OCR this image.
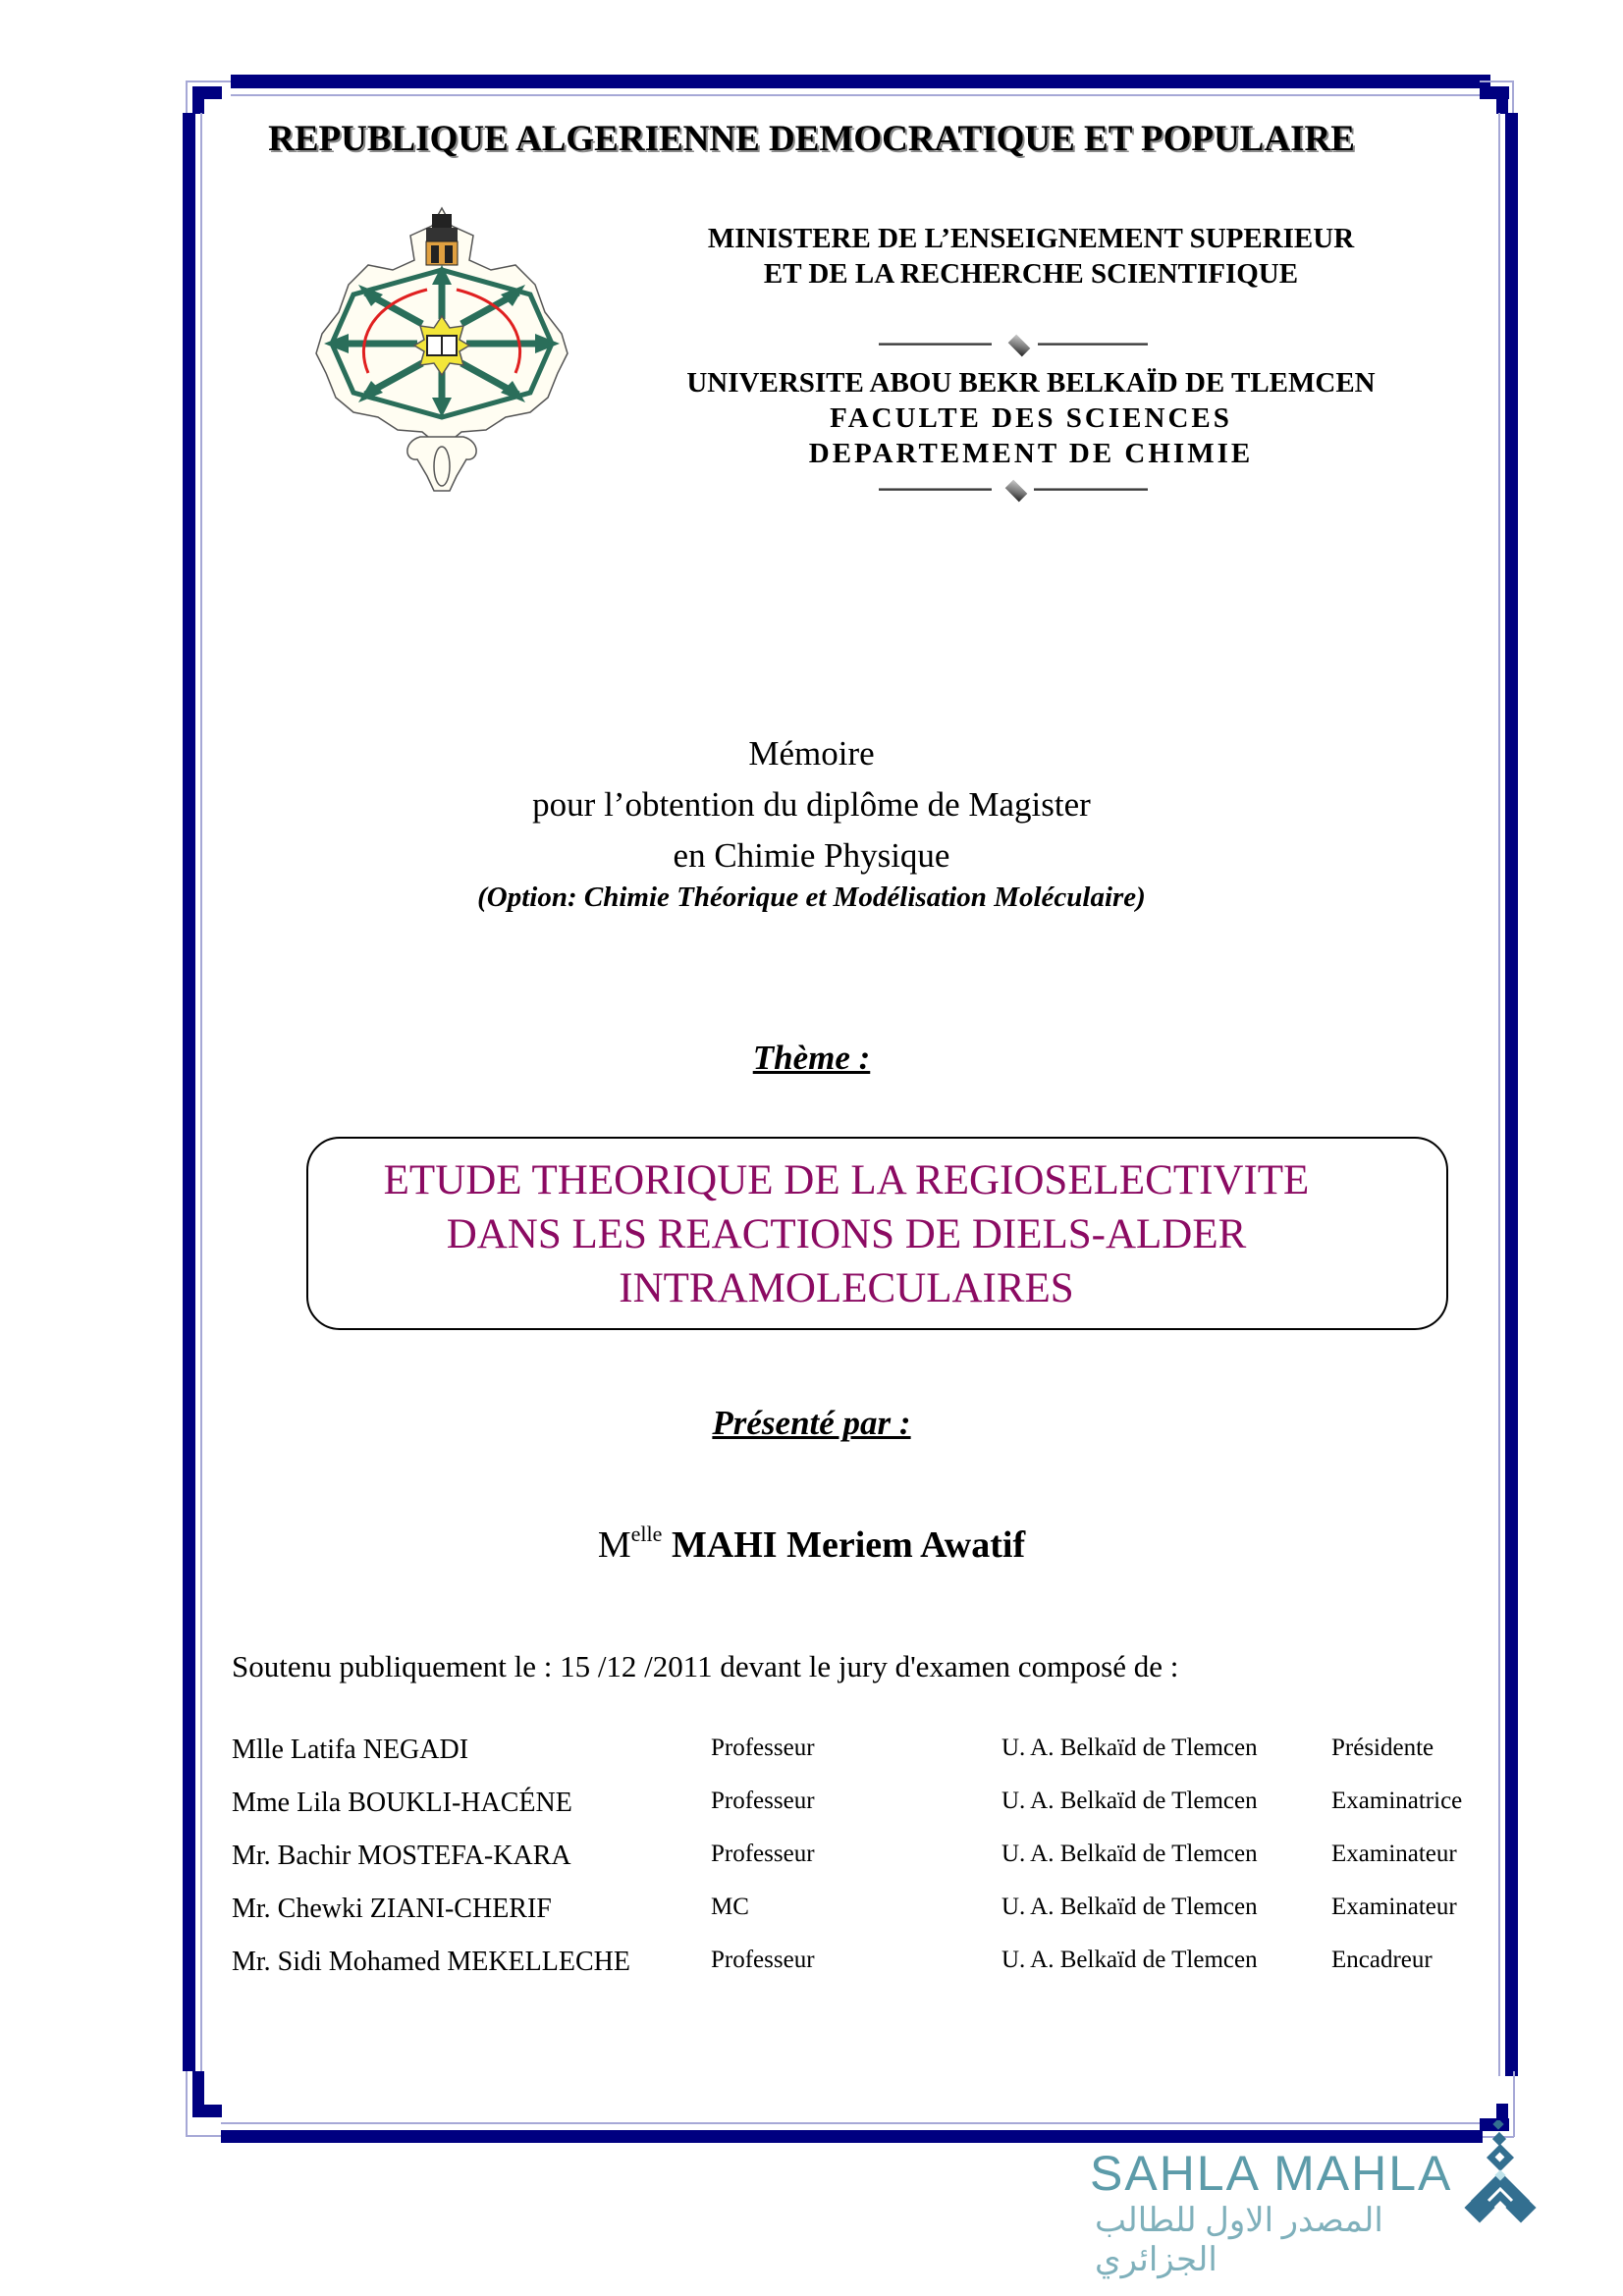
REPUBLIQUE ALGERIENNE DEMOCRATIQUE ET POPULAIRE
MINISTERE DE L’ENSEIGNEMENT SUPERIEUR
ET DE LA RECHERCHE SCIENTIFIQUE
UNIVERSITE ABOU BEKR BELKAÏD DE TLEMCEN
FACULTE DES SCIENCES
DEPARTEMENT DE CHIMIE
Mémoire
pour l’obtention du diplôme de Magister
en Chimie Physique
(Option: Chimie Théorique et Modélisation Moléculaire)
Thème :
ETUDE THEORIQUE DE LA REGIOSELECTIVITE
DANS LES REACTIONS DE DIELS-ALDER
INTRAMOLECULAIRES
Présenté par :
$M^{elle}$ MAHI Meriem Awatif
Soutenu publiquement le : 15 /12 /2011 devant le jury d'examen composé de :
Mlle Latifa NEGADI	Professeur	U. A. Belkaïd de Tlemcen	Présidente
Mme Lila BOUKLI-HACÉNE	Professeur	U. A. Belkaïd de Tlemcen	Examinatrice
Mr. Bachir MOSTEFA-KARA	Professeur	U. A. Belkaïd de Tlemcen	Examinateur
Mr. Chewki ZIANI-CHERIF	MC	U. A. Belkaïd de Tlemcen	Examinateur
Mr. Sidi Mohamed MEKELLECHE	Professeur	U. A. Belkaïd de Tlemcen	Encadreur
SAHLA MAHLA
المصدر الاول للطالب الجزائري
